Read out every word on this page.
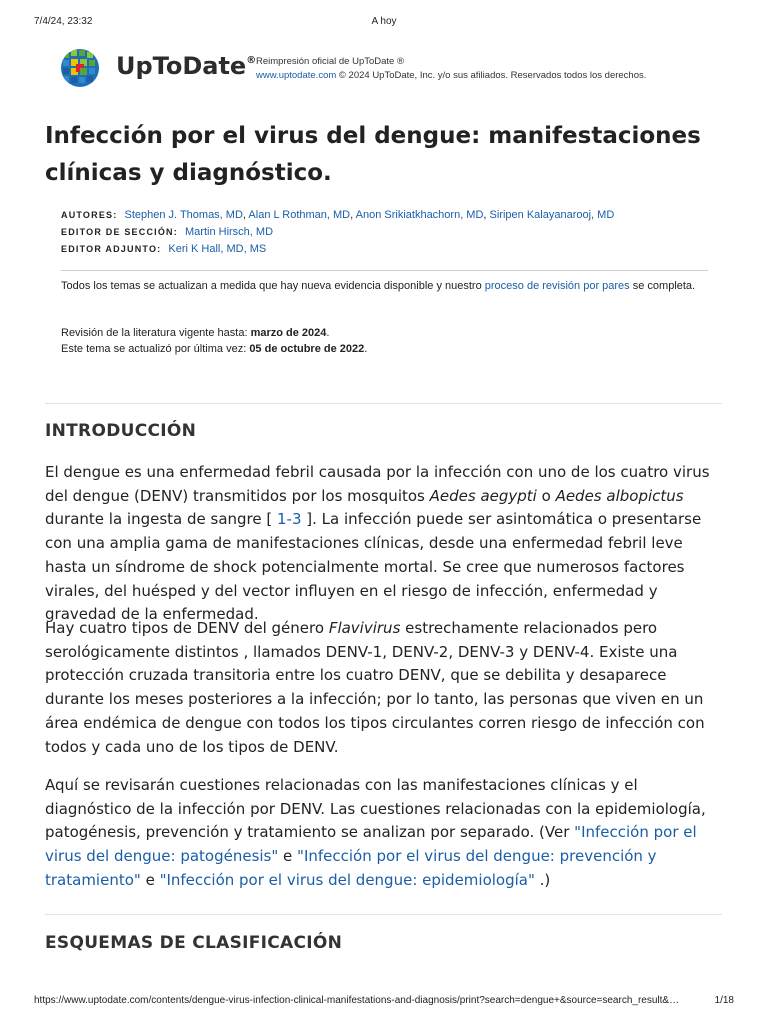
7/4/24, 23:32	A hoy
UpToDate® Reimpresión oficial de UpToDate ®
www.uptodate.com © 2024 UpToDate, Inc. y/o sus afiliados. Reservados todos los derechos.
Infección por el virus del dengue: manifestaciones clínicas y diagnóstico.
AUTORES: Stephen J. Thomas, MD, Alan L Rothman, MD, Anon Srikiatkhachorn, MD, Siripen Kalayanarooj, MD
EDITOR DE SECCIÓN: Martin Hirsch, MD
EDITOR ADJUNTO: Keri K Hall, MD, MS
Todos los temas se actualizan a medida que hay nueva evidencia disponible y nuestro proceso de revisión por pares se completa.
Revisión de la literatura vigente hasta: marzo de 2024.
Este tema se actualizó por última vez: 05 de octubre de 2022.
INTRODUCCIÓN

El dengue es una enfermedad febril causada por la infección con uno de los cuatro virus del dengue (DENV) transmitidos por los mosquitos Aedes aegypti o Aedes albopictus durante la ingesta de sangre [ 1-3 ]. La infección puede ser asintomática o presentarse con una amplia gama de manifestaciones clínicas, desde una enfermedad febril leve hasta un síndrome de shock potencialmente mortal. Se cree que numerosos factores virales, del huésped y del vector influyen en el riesgo de infección, enfermedad y gravedad de la enfermedad.

Hay cuatro tipos de DENV del género Flavivirus estrechamente relacionados pero serológicamente distintos , llamados DENV-1, DENV-2, DENV-3 y DENV-4. Existe una protección cruzada transitoria entre los cuatro DENV, que se debilita y desaparece durante los meses posteriores a la infección; por lo tanto, las personas que viven en un área endémica de dengue con todos los tipos circulantes corren riesgo de infección con todos y cada uno de los tipos de DENV.

Aquí se revisarán cuestiones relacionadas con las manifestaciones clínicas y el diagnóstico de la infección por DENV. Las cuestiones relacionadas con la epidemiología, patogénesis, prevención y tratamiento se analizan por separado. (Ver "Infección por el virus del dengue: patogénesis" e "Infección por el virus del dengue: prevención y tratamiento" e "Infección por el virus del dengue: epidemiología" .)

ESQUEMAS DE CLASIFICACIÓN
https://www.uptodate.com/contents/dengue-virus-infection-clinical-manifestations-and-diagnosis/print?search=dengue+&source=search_result&…	1/18
